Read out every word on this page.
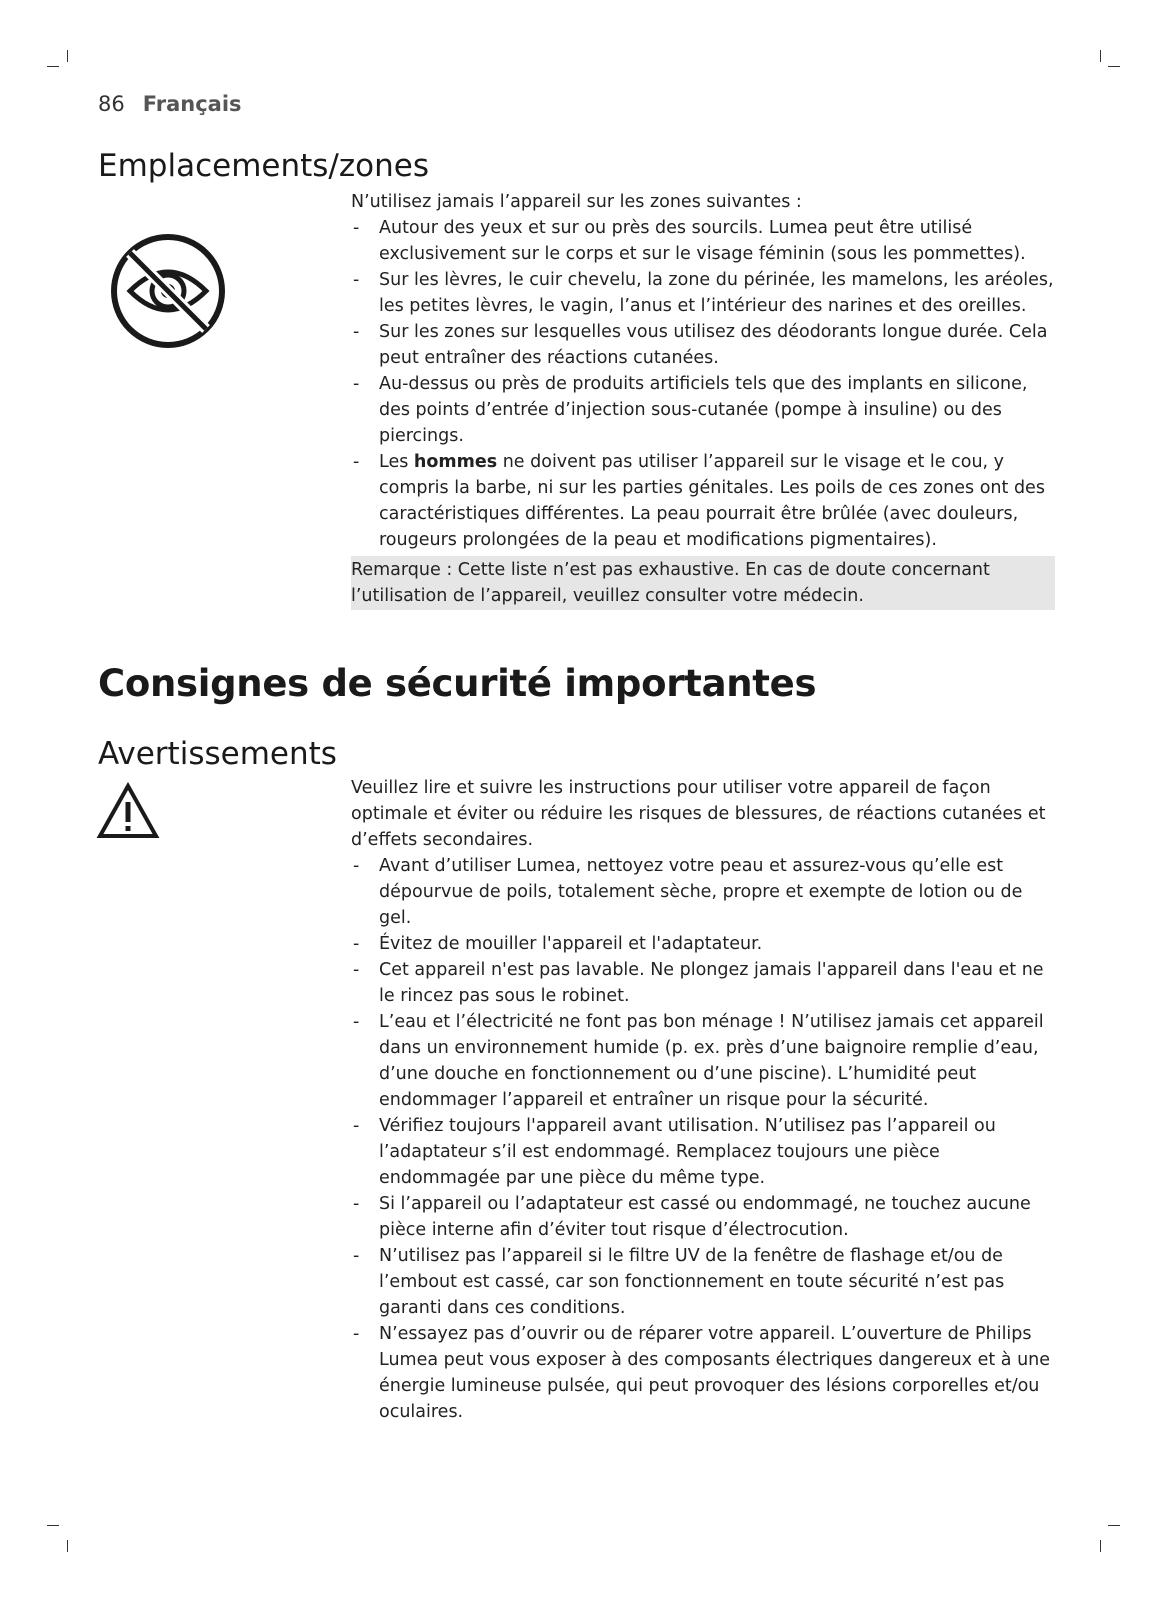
86 Français
Emplacements/zones

N’utilisez jamais l’appareil sur les zones suivantes :

- Autour des yeux et sur ou près des sourcils. Lumea peut être utilisé exclusivement sur le corps et sur le visage féminin (sous les pommettes).
- Sur les lèvres, le cuir chevelu, la zone du périnée, les mamelons, les aréoles, les petites lèvres, le vagin, l’anus et l’intérieur des narines et des oreilles.
- Sur les zones sur lesquelles vous utilisez des déodorants longue durée. Cela peut entraîner des réactions cutanées.
- Au-dessus ou près de produits artificiels tels que des implants en silicone, des points d’entrée d’injection sous-cutanée (pompe à insuline) ou des piercings.
- Les hommes ne doivent pas utiliser l’appareil sur le visage et le cou, y compris la barbe, ni sur les parties génitales. Les poils de ces zones ont des caractéristiques différentes. La peau pourrait être brûlée (avec douleurs, rougeurs prolongées de la peau et modifications pigmentaires).
Remarque : Cette liste n’est pas exhaustive. En cas de doute concernant l’utilisation de l’appareil, veuillez consulter votre médecin.
Consignes de sécurité importantes
Avertissements

Veuillez lire et suivre les instructions pour utiliser votre appareil de façon optimale et éviter ou réduire les risques de blessures, de réactions cutanées et d’effets secondaires.

- Avant d’utiliser Lumea, nettoyez votre peau et assurez-vous qu’elle est dépourvue de poils, totalement sèche, propre et exempte de lotion ou de gel.
- Évitez de mouiller l'appareil et l'adaptateur.
- Cet appareil n'est pas lavable. Ne plongez jamais l'appareil dans l'eau et ne le rincez pas sous le robinet.
- L’eau et l’électricité ne font pas bon ménage ! N’utilisez jamais cet appareil dans un environnement humide (p. ex. près d’une baignoire remplie d’eau, d’une douche en fonctionnement ou d’une piscine). L’humidité peut endommager l’appareil et entraîner un risque pour la sécurité.
- Vérifiez toujours l'appareil avant utilisation. N’utilisez pas l’appareil ou l’adaptateur s’il est endommagé. Remplacez toujours une pièce endommagée par une pièce du même type.
- Si l’appareil ou l’adaptateur est cassé ou endommagé, ne touchez aucune pièce interne afin d’éviter tout risque d’électrocution.
- N’utilisez pas l’appareil si le filtre UV de la fenêtre de flashage et/ou de l’embout est cassé, car son fonctionnement en toute sécurité n’est pas garanti dans ces conditions.
- N’essayez pas d’ouvrir ou de réparer votre appareil. L’ouverture de Philips Lumea peut vous exposer à des composants électriques dangereux et à une énergie lumineuse pulsée, qui peut provoquer des lésions corporelles et/ou oculaires.
